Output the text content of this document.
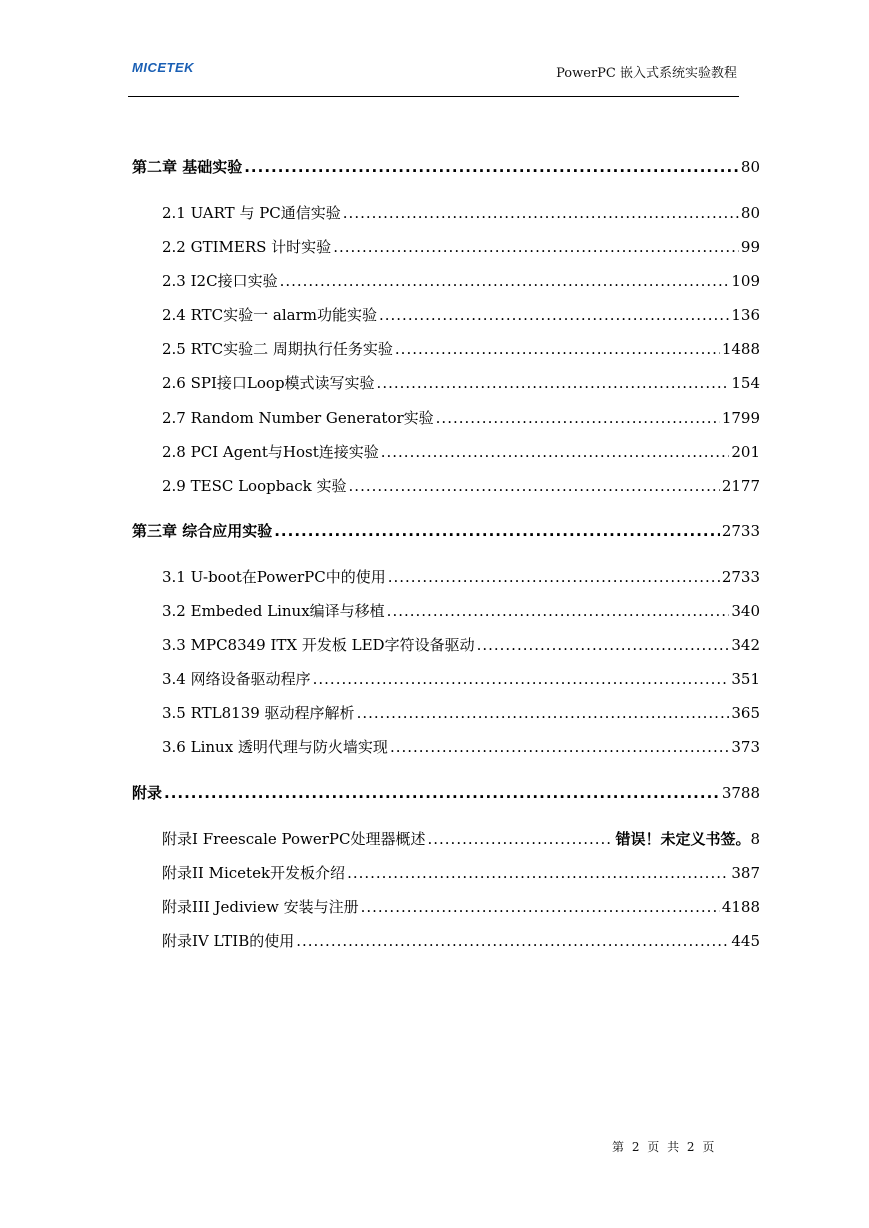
MICETEK	PowerPC 嵌入式系统实验教程
第二章 基础实验 .....	80
2.1 UART 与 PC通信实验 .....	80
2.2 GTIMERS 计时实验 .....	99
2.3 I2C接口实验 .....	109
2.4 RTC实验一 alarm功能实验 .....	136
2.5 RTC实验二 周期执行任务实验 .....	1488
2.6 SPI接口Loop模式读写实验 .....	154
2.7 Random Number Generator实验 .....	1799
2.8 PCI Agent与Host连接实验 .....	201
2.9 TESC Loopback 实验 .....	2177
第三章 综合应用实验 .....	2733
3.1 U-boot在PowerPC中的使用 .....	2733
3.2 Embeded Linux编译与移植 .....	340
3.3 MPC8349 ITX 开发板 LED字符设备驱动 .....	342
3.4 网络设备驱动程序 .....	351
3.5 RTL8139 驱动程序解析 .....	365
3.6 Linux 透明代理与防火墙实现 .....	373
附录 .....	3788
附录I Freescale PowerPC处理器概述 .....	错误！未定义书签。 8
附录II Micetek开发板介绍 .....	387
附录III Jediview 安装与注册 .....	4188
附录IV LTIB的使用 .....	445
第 2 页 共 2 页
